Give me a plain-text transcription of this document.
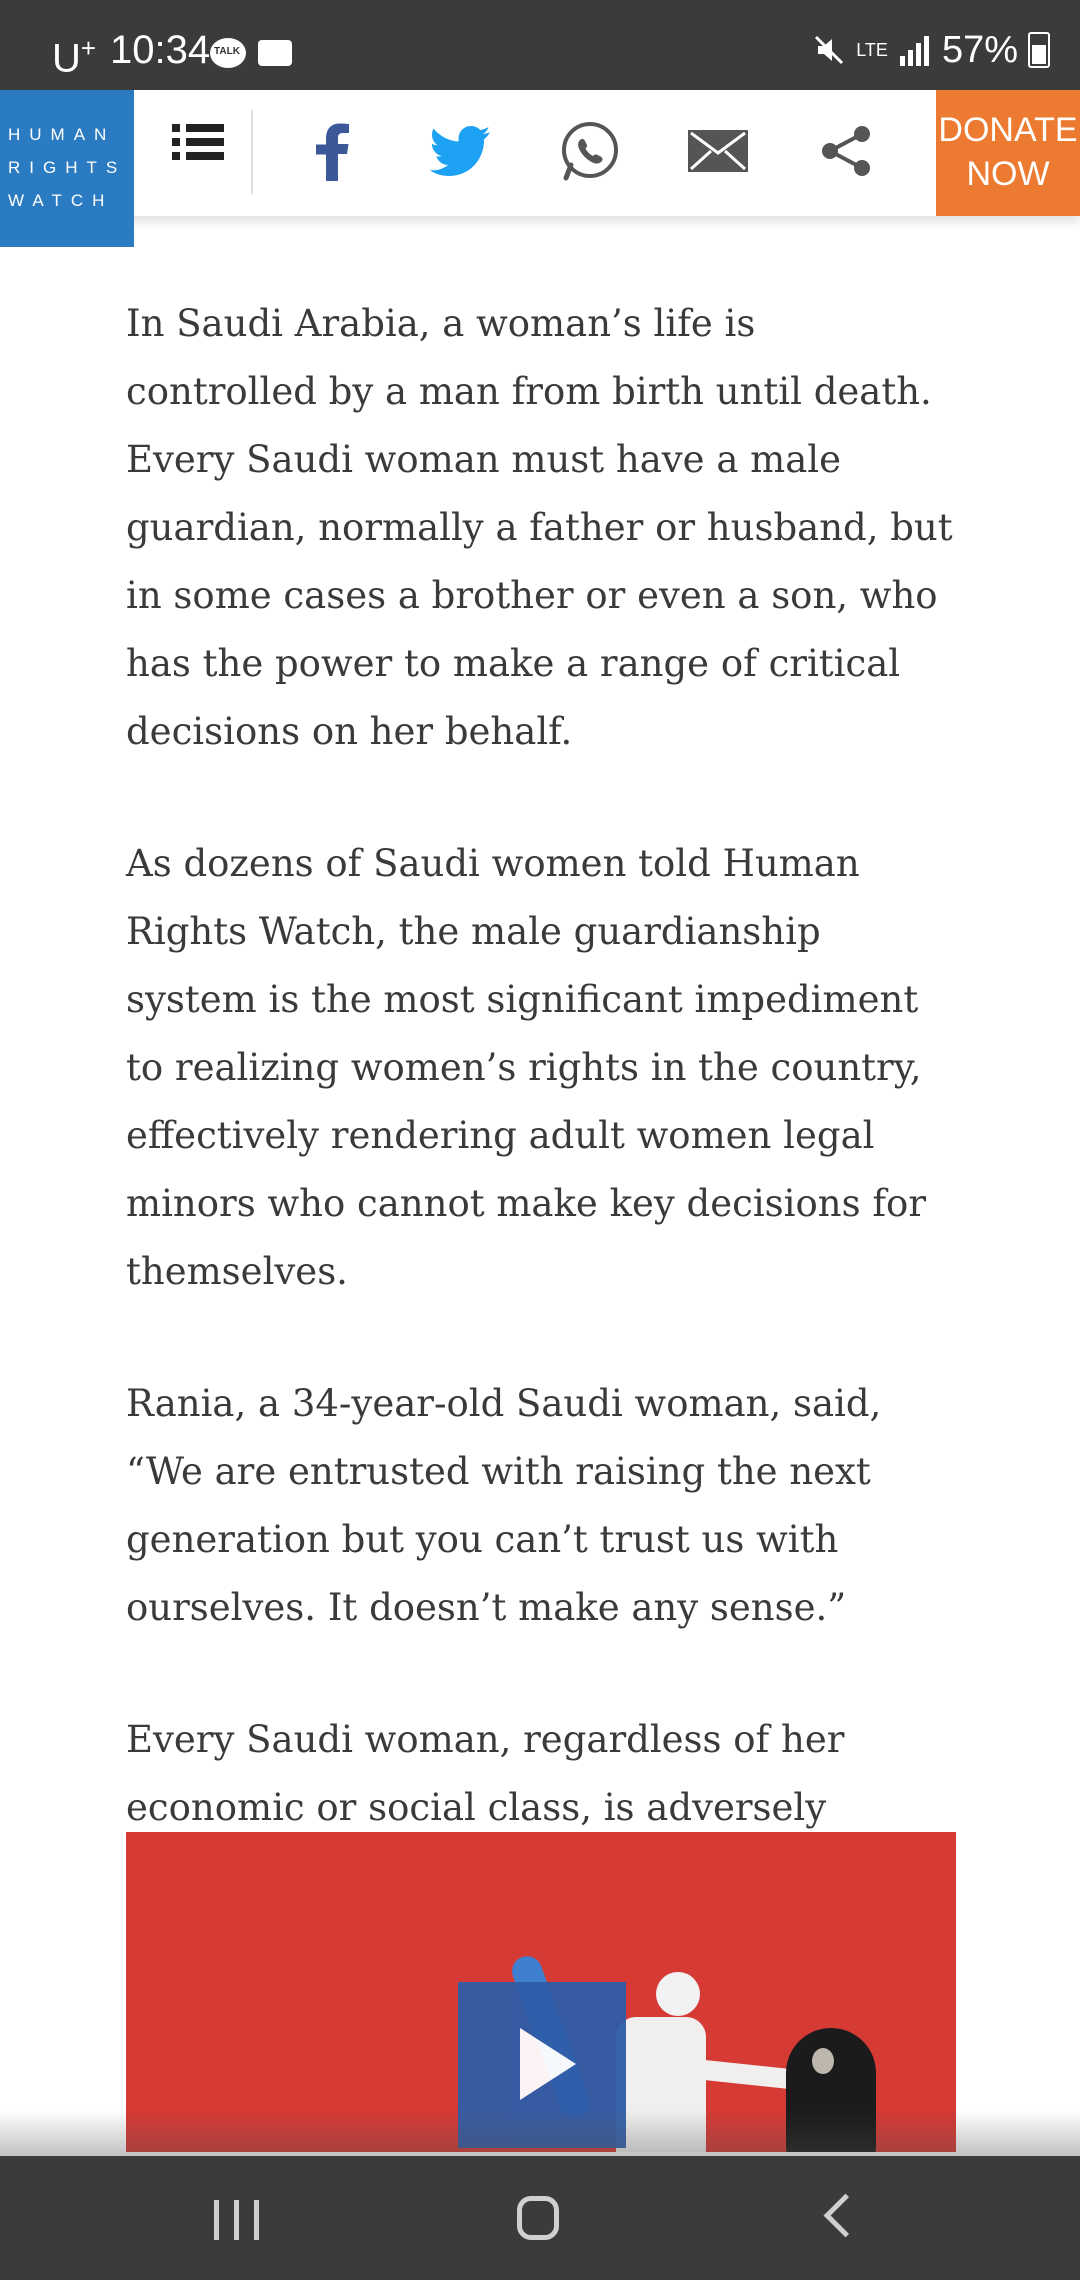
U+ 10:34 TALK	LTE 57%
HUMAN
RIGHTS
WATCH
DONATE
NOW

In Saudi Arabia, a woman’s life is controlled by a man from birth until death. Every Saudi woman must have a male guardian, normally a father or husband, but in some cases a brother or even a son, who has the power to make a range of critical decisions on her behalf.

As dozens of Saudi women told Human Rights Watch, the male guardianship system is the most significant impediment to realizing women’s rights in the country, effectively rendering adult women legal minors who cannot make key decisions for themselves.

Rania, a 34-year-old Saudi woman, said, “We are entrusted with raising the next generation but you can’t trust us with ourselves. It doesn’t make any sense.”

Every Saudi woman, regardless of her economic or social class, is adversely
